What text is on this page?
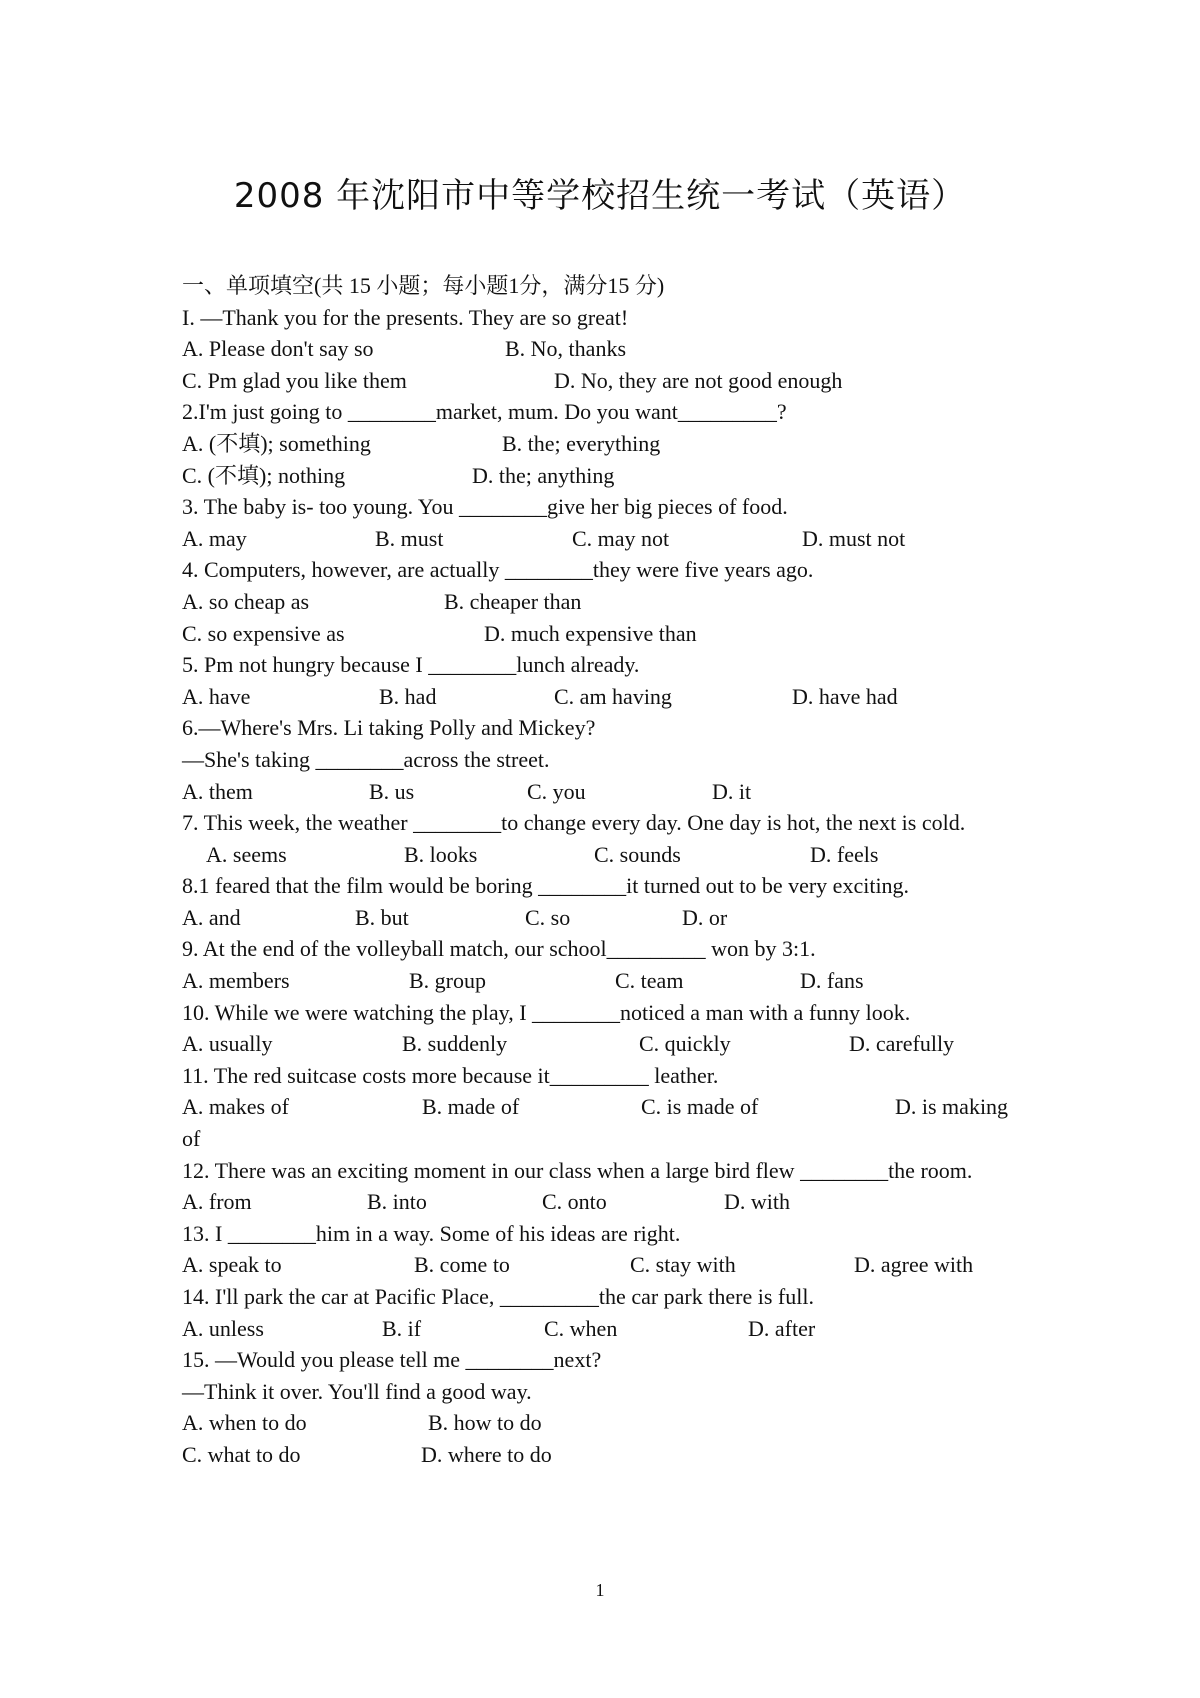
2008 年沈阳市中等学校招生统一考试（英语）
一、单项填空(共 15 小题；每小题1分，满分15 分)
I. —Thank you for the presents. They are so great!
A. Please don't say so	B. No, thanks
C. Pm glad you like them	D. No, they are not good enough
2.I'm just going to ________market, mum. Do you want_________?
A. (不填); something	B. the; everything
C. (不填); nothing	D. the; anything
3. The baby is- too young. You ________give her big pieces of food.
A. may	B. must	C. may not	D. must not
4. Computers, however, are actually ________they were five years ago.
A. so cheap as	B. cheaper than
C. so expensive as	D. much expensive than
5. Pm not hungry because I ________lunch already.
A. have	B. had	C. am having	D. have had
6.—Where's Mrs. Li taking Polly and Mickey?
—She's taking ________across the street.
A. them	B. us	C. you	D. it
7. This week, the weather ________to change every day. One day is hot, the next is cold.
A. seems	B. looks	C. sounds	D. feels
8.1 feared that the film would be boring ________it turned out to be very exciting.
A. and	B. but	C. so	D. or
9. At the end of the volleyball match, our school_________ won by 3:1.
A. members	B. group	C. team	D. fans
10. While we were watching the play, I ________noticed a man with a funny look.
A. usually	B. suddenly	C. quickly	D. carefully
11. The red suitcase costs more because it_________ leather.
A. makes of	B. made of	C. is made of	D. is making
of
12. There was an exciting moment in our class when a large bird flew ________the room.
A. from	B. into	C. onto	D. with
13. I ________him in a way. Some of his ideas are right.
A. speak to	B. come to	C. stay with	D. agree with
14. I'll park the car at Pacific Place, _________the car park there is full.
A. unless	B. if	C. when	D. after
15. —Would you please tell me ________next?
—Think it over. You'll find a good way.
A. when to do	B. how to do
C. what to do	D. where to do
1
